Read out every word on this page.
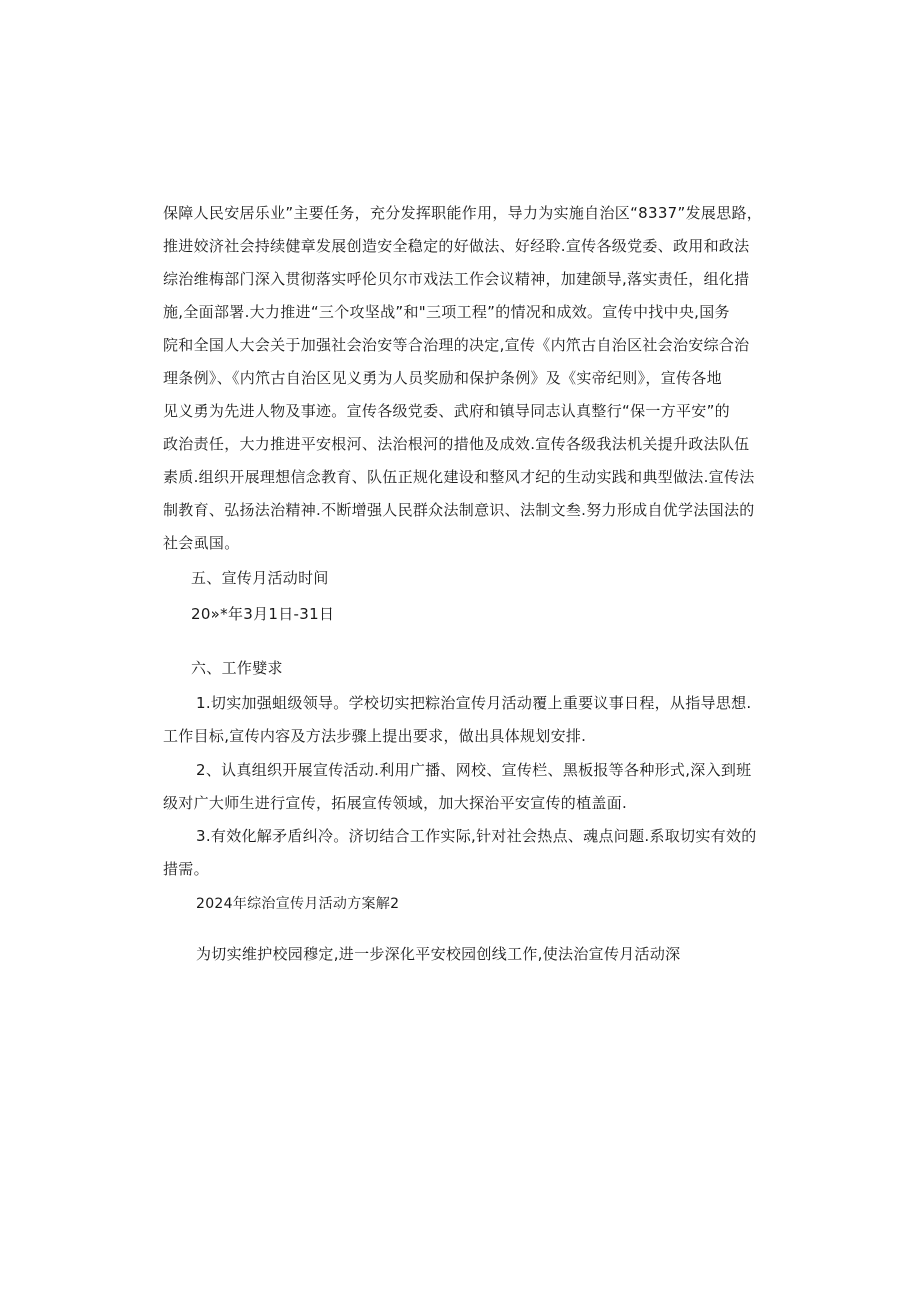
保障人民安居乐业”主要任务，充分发挥职能作用，导力为实施自治区“8337”发展思路，
推进姣济社会持续健章发展创造安全稳定的好做法、好经聆.宣传各级党委、政用和政法
综治维梅部门深入贯彻落实呼伦贝尔市戏法工作会议精神，加建颌导,落实责任，组化措
施,全面部署.大力推进“三个攻坚战”和"三项工程”的情况和成效。宣传中找中央,国务
院和全国人大会关于加强社会治安等合治理的决定,宣传《内笊古自治区社会治安综合治
理条例》、《内笊古自治区见义勇为人员奖励和保护条例》及《实帝纪则》，宣传各地
见义勇为先进人物及事迹。宣传各级党委、武府和镇导同志认真整行“保一方平安”的
政治责任，大力推进平安根河、法治根河的措他及成效.宣传各级我法机关提升政法队伍
素质.组织开展理想信念教育、队伍正规化建设和整风才纪的生动实践和典型做法.宣传法
制教育、弘扬法治精神.不断增强人民群众法制意识、法制文叁.努力形成自优学法国法的
社会虱国。
五、宣传月活动时间
20»*年3月1日-31日
六、工作嬖求
1.切实加强蛆级领导。学校切实把粽治宣传月活动覆上重要议事日程，从指导思想.
工作目标,宣传内容及方法步骤上提出要求，做出具体规划安排.
2、认真组织开展宣传活动.利用广播、网校、宣传栏、黑板报等各种形式,深入到班
级对广大师生进行宣传，拓展宣传领域，加大探治平安宣传的植盖面.
3.有效化解矛盾纠冷。济切结合工作实际,针对社会热点、魂点问题.系取切实有效的
措需。
2024年综治宣传月活动方案解2
为切实维护校园穆定,进一步深化平安校园创线工作,使法治宣传月活动深
